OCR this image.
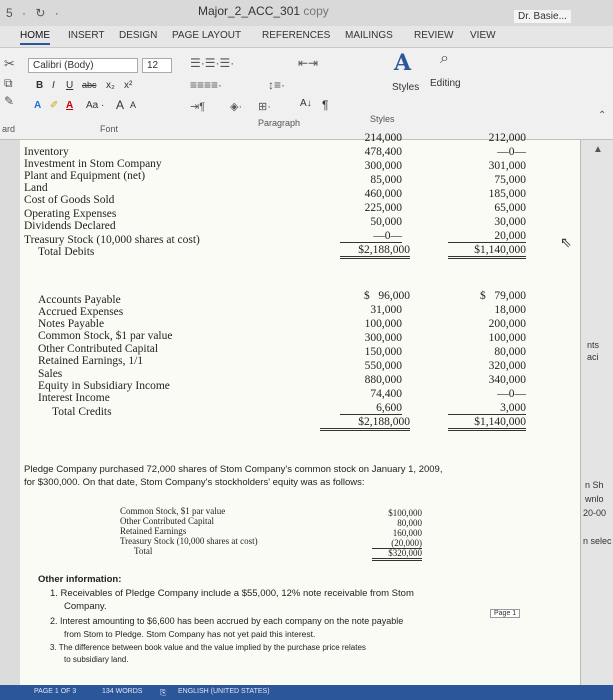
5 · ↻ ·	Major_2_ACC_301 copy	Dr. Basie...
HOME INSERT DESIGN PAGE LAYOUT REFERENCES MAILINGS REVIEW VIEW
✂
⧉
✎
Calibri (Body)	12
B I U abc x₂ x²
A ✐ A Aa · A A
☰·☰·☰·	⇤⇥
≡≡≡≡·	↕≡·
⇥¶ ◈· ⊞·	A↓ ¶
A
Styles
⌕
Editing
ard	Font
Paragraph	Styles	⌃
Inventory
214,000	212,000
Investment in Stom Company
478,400	—0—
Plant and Equipment (net)
300,000	301,000
Land
85,000	75,000
Cost of Goods Sold	460,000	185,000
Operating Expenses	225,000	65,000
Dividends Declared	50,000	30,000
Treasury Stock (10,000 shares at cost)	—0—	20,000
Total Debits	$2,188,000	$1,140,000
Accounts Payable	$   96,000	$   79,000
Accrued Expenses	31,000	18,000
Notes Payable	100,000	200,000
Common Stock, $1 par value	300,000	100,000
Other Contributed Capital	150,000	80,000
Retained Earnings, 1/1	550,000	320,000
Sales	880,000	340,000
Equity in Subsidiary Income
74,400	—0—
Interest Income
6,600	3,000
Total Credits
$2,188,000	$1,140,000
Pledge Company purchased 72,000 shares of Stom Company's common stock on January 1, 2009,
for $300,000. On that date, Stom Company's stockholders' equity was as follows:
Common Stock, $1 par value	$100,000
Other Contributed Capital	80,000
Retained Earnings	160,000
Treasury Stock (10,000 shares at cost)	(20,000)
Total	$320,000
Other information:
1. Receivables of Pledge Company include a $55,000, 12% note receivable from Stom
Company.
2. Interest amounting to $6,600 has been accrued by each company on the note payable
from Stom to Pledge. Stom Company has not yet paid this interest.
3. The difference between book value and the value implied by the purchase price relates
to subsidiary land.
⇖
Page 1
▲
nts
aci
n Sh
wnlo
20-00
n selec
PAGE 1 OF 3	134 WORDS ⎘ ENGLISH (UNITED STATES)
